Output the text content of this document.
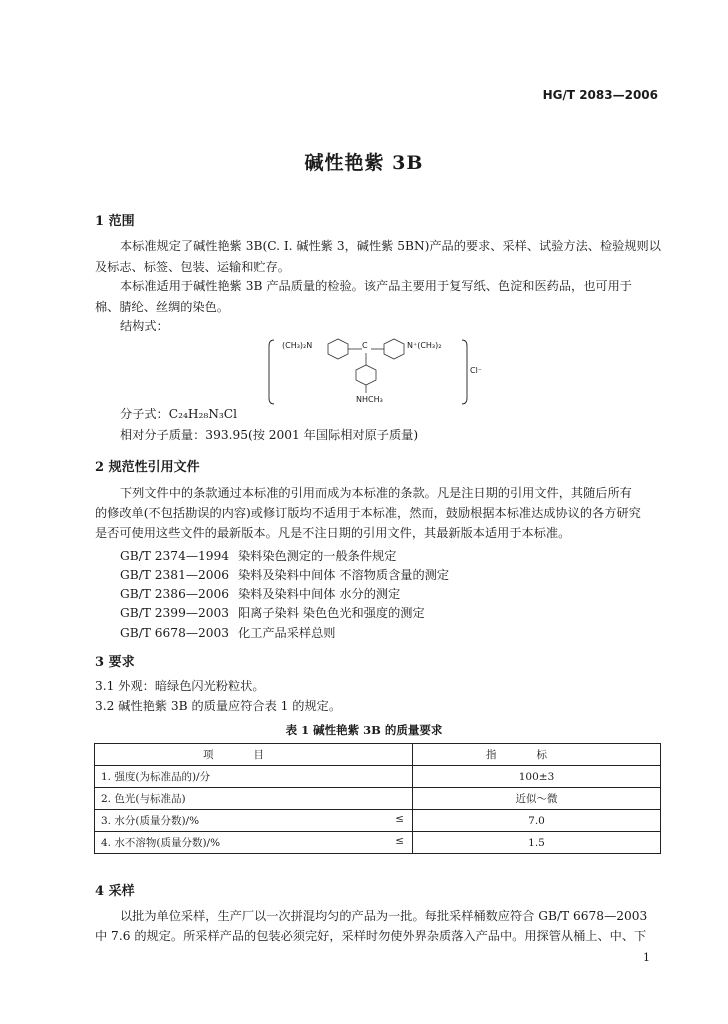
HG/T 2083—2006
碱性艳紫 3B
1 范围
本标准规定了碱性艳紫 3B(C. I. 碱性紫 3，碱性紫 5BN)产品的要求、采样、试验方法、检验规则以
及标志、标签、包装、运输和贮存。
本标准适用于碱性艳紫 3B 产品质量的检验。该产品主要用于复写纸、色淀和医药品，也可用于
棉、腈纶、丝绸的染色。
结构式：
(CH₃)₂N	C	N⁺(CH₃)₂
NHCH₃
Cl⁻
分子式：C₂₄H₂₈N₃Cl
相对分子质量：393.95(按 2001 年国际相对原子质量)
2 规范性引用文件
下列文件中的条款通过本标准的引用而成为本标准的条款。凡是注日期的引用文件，其随后所有
的修改单(不包括勘误的内容)或修订版均不适用于本标准，然而，鼓励根据本标准达成协议的各方研究
是否可使用这些文件的最新版本。凡是不注日期的引用文件，其最新版本适用于本标准。
GB/T 2374—1994 染料染色测定的一般条件规定
GB/T 2381—2006 染料及染料中间体 不溶物质含量的测定
GB/T 2386—2006 染料及染料中间体 水分的测定
GB/T 2399—2003 阳离子染料 染色色光和强度的测定
GB/T 6678—2003 化工产品采样总则
3 要求
3.1 外观：暗绿色闪光粉粒状。
3.2 碱性艳紫 3B 的质量应符合表 1 的规定。
表 1 碱性艳紫 3B 的质量要求
项目	指标
1. 强度(为标准品的)/分	100±3
2. 色光(与标准品)	近似～微
3. 水分(质量分数)/% ≤	7.0
4. 水不溶物(质量分数)/% ≤	1.5
4 采样
以批为单位采样，生产厂以一次拼混均匀的产品为一批。每批采样桶数应符合 GB/T 6678—2003
中 7.6 的规定。所采样产品的包装必须完好，采样时勿使外界杂质落入产品中。用探管从桶上、中、下
1
